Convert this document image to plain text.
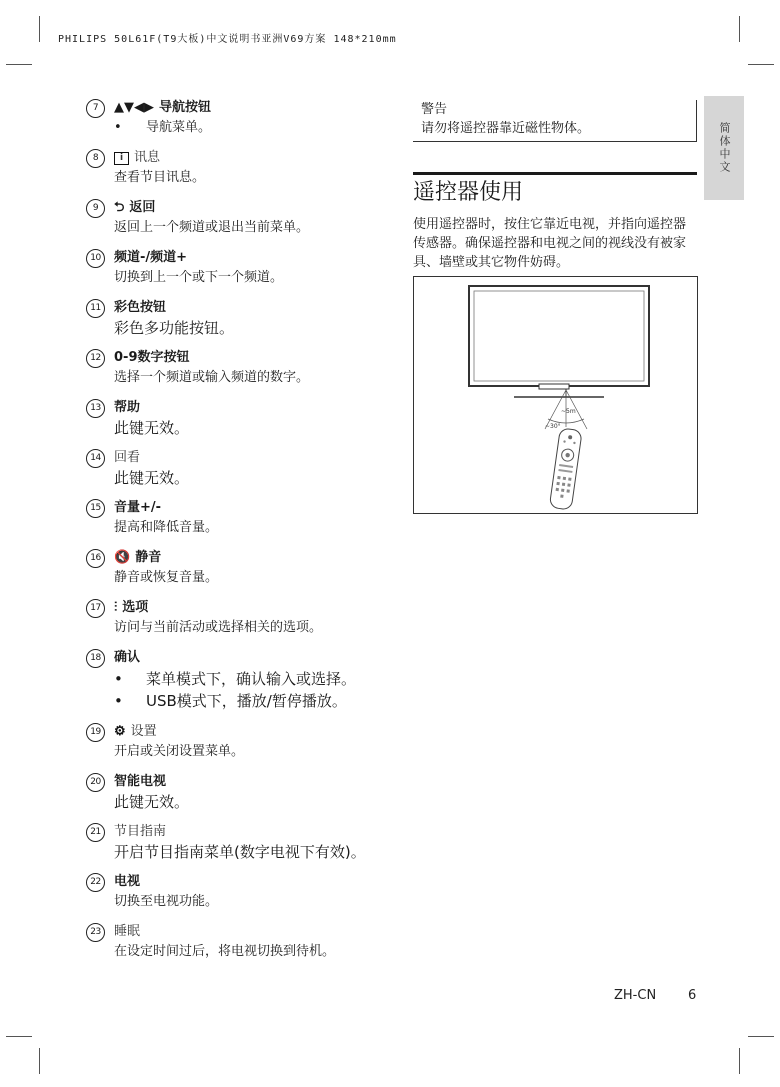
PHILIPS 50L61F(T9大板)中文说明书亚洲V69方案 148*210mm
简体中文
7	▲▼◀▶ 导航按钮
•	导航菜单。
8	i 讯息
查看节目讯息。
9	⮌ 返回
返回上一个频道或退出当前菜单。
10	频道-/频道+
切换到上一个或下一个频道。
11	彩色按钮
彩色多功能按钮。
12	0-9数字按钮
选择一个频道或输入频道的数字。
13	帮助
此键无效。
14	回看
此键无效。
15	音量+/-
提高和降低音量。
16	🔇 静音
静音或恢复音量。
17	⫶ 选项
访问与当前活动或选择相关的选项。
18	确认
•	菜单模式下，确认输入或选择。
•	USB模式下，播放/暂停播放。
19	⚙ 设置
开启或关闭设置菜单。
20	智能电视
此键无效。
21	节目指南
开启节目指南菜单(数字电视下有效)。
22	电视
切换至电视功能。
23	睡眠
在设定时间过后，将电视切换到待机。
警告
请勿将遥控器靠近磁性物体。
遥控器使用
使用遥控器时，按住它靠近电视，并指向遥控器传感器。确保遥控器和电视之间的视线没有被家具、墙壁或其它物件妨碍。
~5m
~30°
ZH-CN 6
